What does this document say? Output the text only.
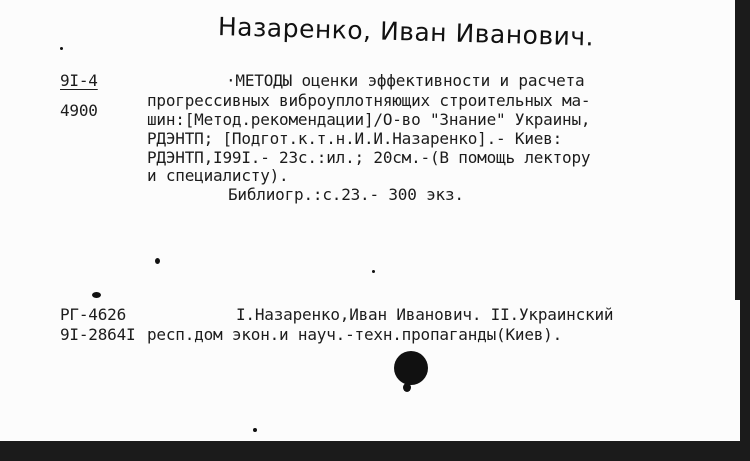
Назаренко, Иван Иванович.
9I-4
4900
·МЕТОДЫ оценки эффективности и расчета
прогрессивных виброуплотняющих строительных ма-
шин:[Метод.рекомендации]/О-во "Знание" Украины,
РДЭНТП; [Подгот.к.т.н.И.И.Назаренко].- Киев:
РДЭНТП,I99I.- 23с.:ил.; 20см.-(В помощь лектору
и специалисту).
Библиогр.:с.23.- 300 экз.
РГ-4626
9I-2864I
I.Назаренко,Иван Иванович. II.Украинский
респ.дом экон.и науч.-техн.пропаганды(Киев).
